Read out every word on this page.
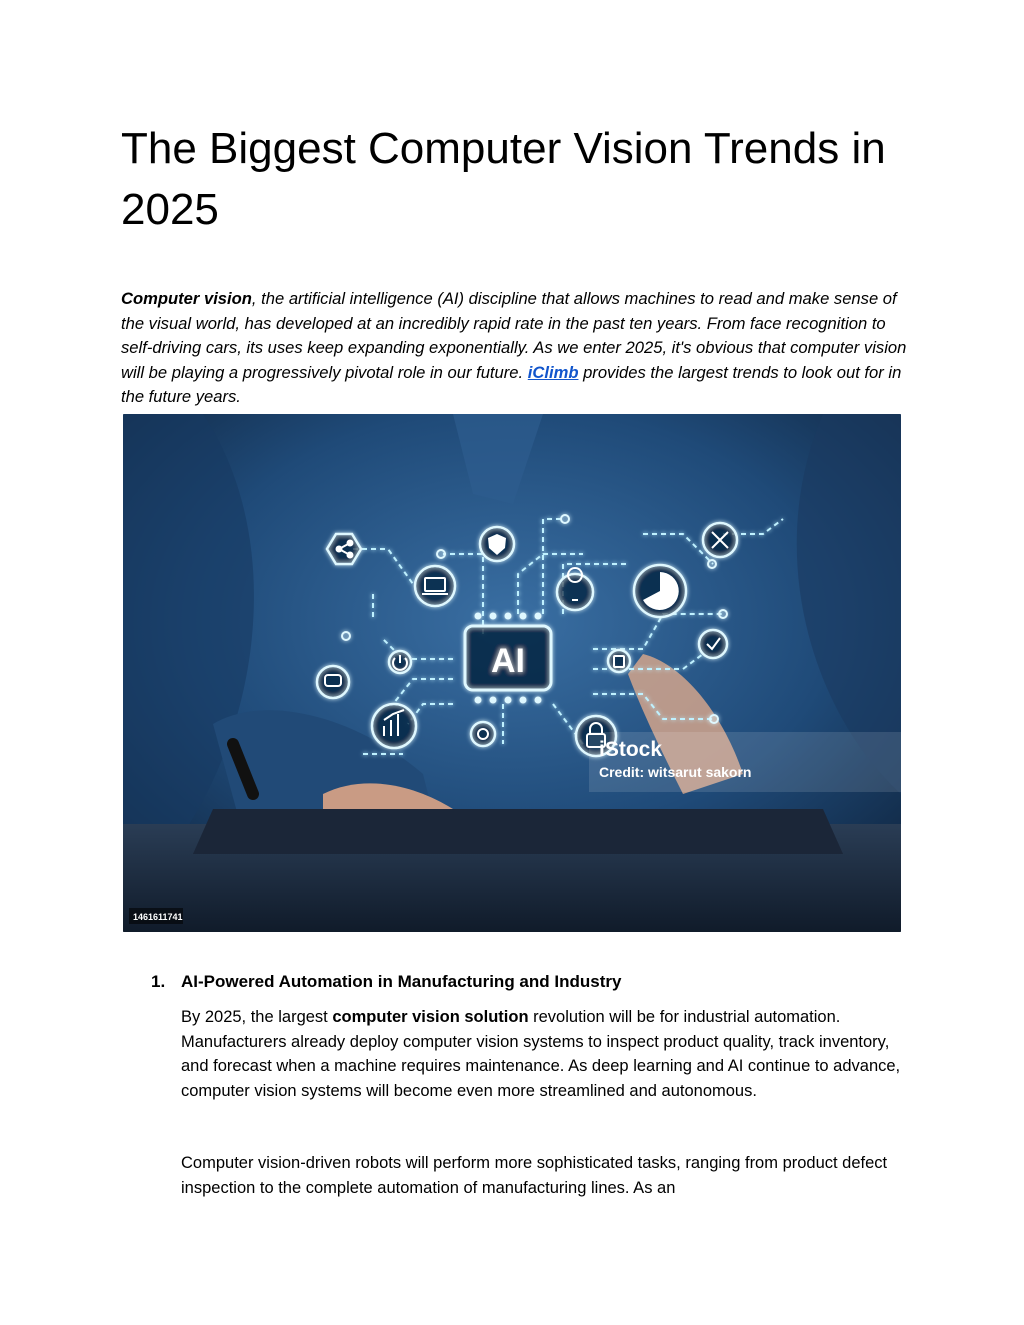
The Biggest Computer Vision Trends in 2025

Computer vision, the artificial intelligence (AI) discipline that allows machines to read and make sense of the visual world, has developed at an incredibly rapid rate in the past ten years. From face recognition to self-driving cars, its uses keep expanding exponentially. As we enter 2025, it's obvious that computer vision will be playing a progressively pivotal role in our future. iClimb provides the largest trends to look out for in the future years.

AI
iStock
Credit: witsarut sakorn
1461611741
1. AI-Powered Automation in Manufacturing and Industry

By 2025, the largest computer vision solution revolution will be for industrial automation. Manufacturers already deploy computer vision systems to inspect product quality, track inventory, and forecast when a machine requires maintenance. As deep learning and AI continue to advance, computer vision systems will become even more streamlined and autonomous.

Computer vision-driven robots will perform more sophisticated tasks, ranging from product defect inspection to the complete automation of manufacturing lines. As an
